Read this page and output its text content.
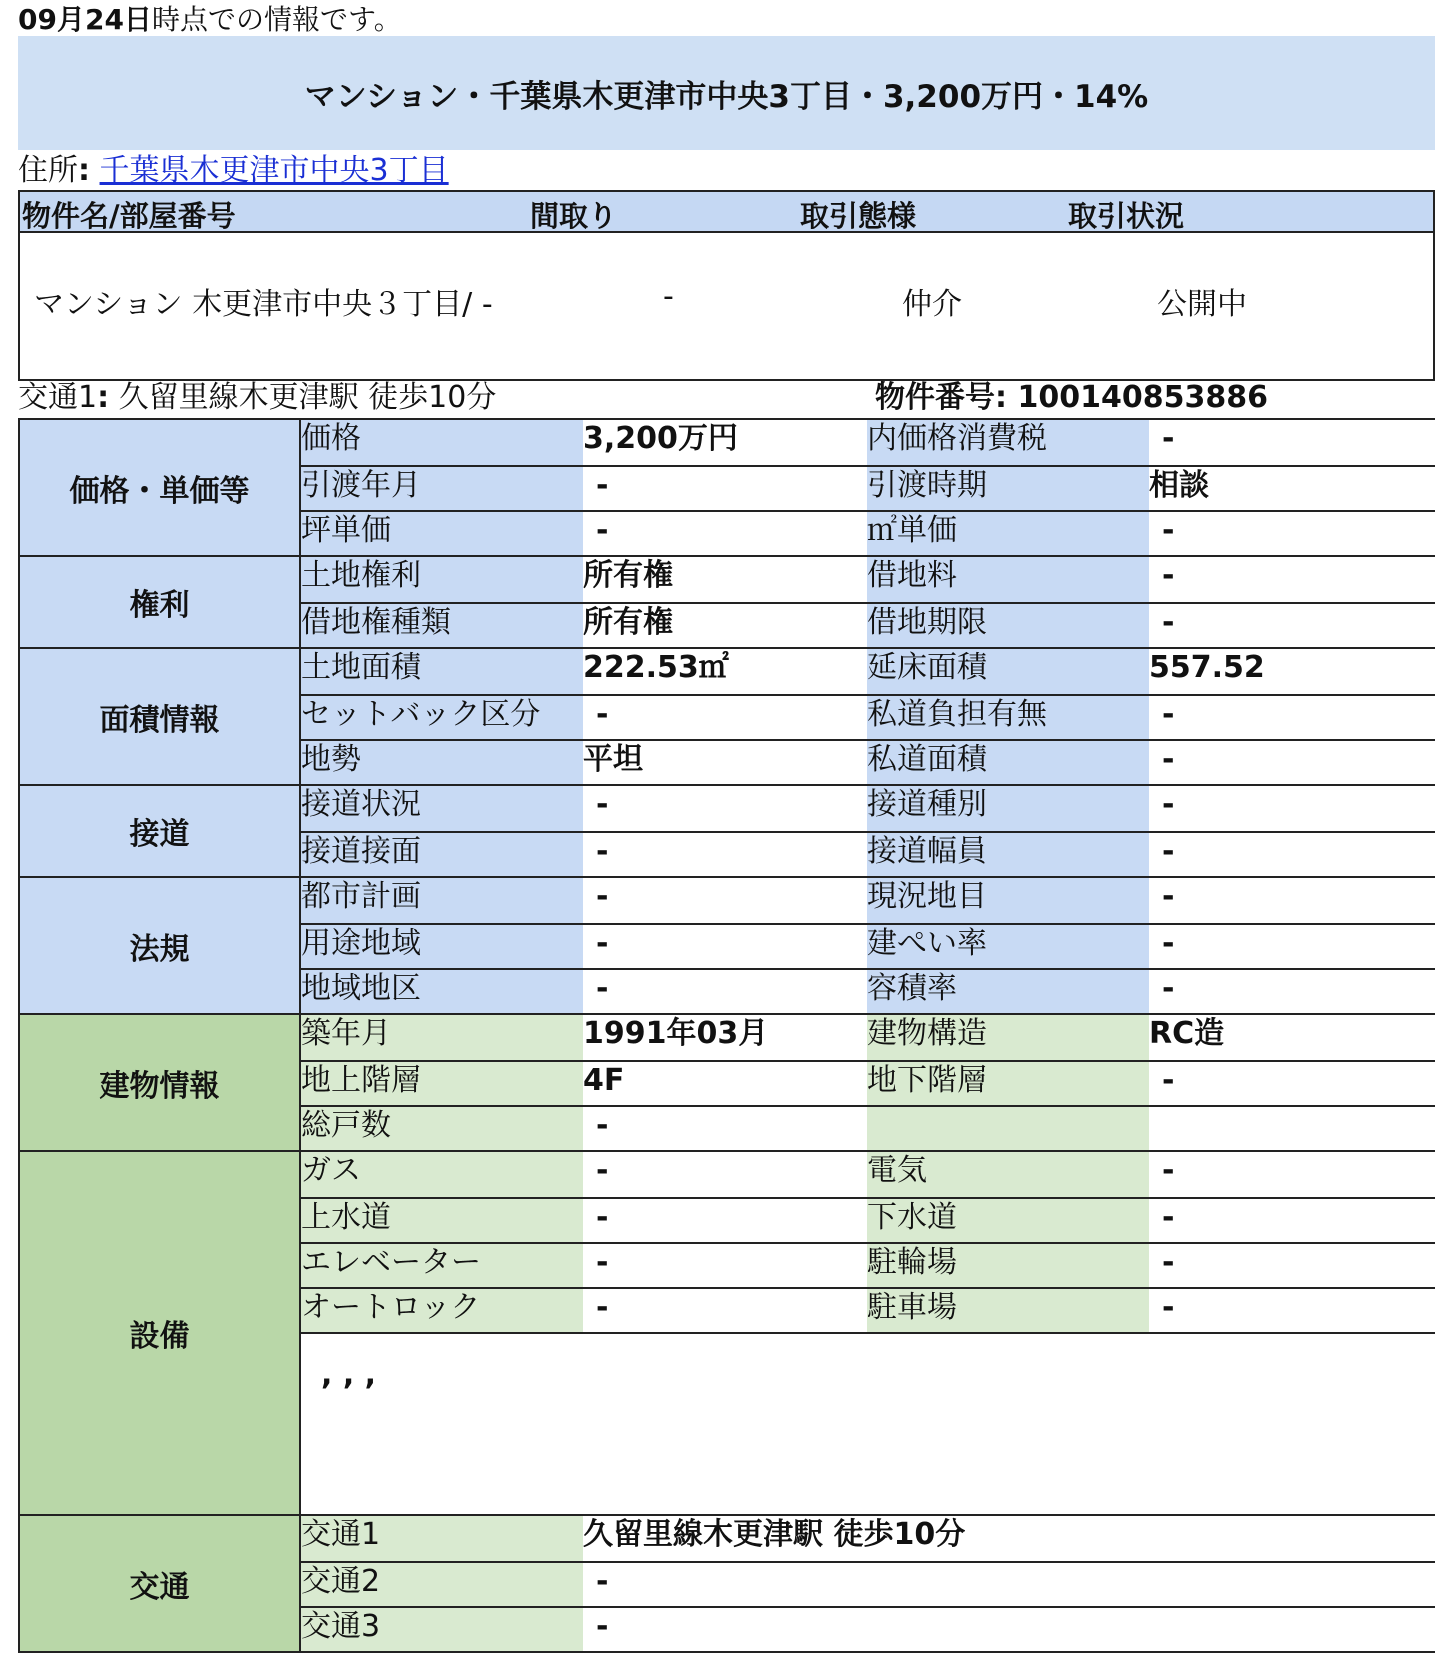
09月24日時点での情報です。
マンション・千葉県木更津市中央3丁目・3,200万円・14%
住所: 千葉県木更津市中央3丁目
物件名/部屋番号	間取り	取引態様	取引状況
マンション 木更津市中央３丁目/ -	-	仲介	公開中
交通1: 久留里線木更津駅 徒歩10分	物件番号: 100140853886
価格・単価等
価格	3,200万円	内価格消費税	-
引渡年月	-	引渡時期	相談
坪単価	-	㎡単価	-
権利
土地権利	所有権	借地料	-
借地権種類	所有権	借地期限	-
面積情報
土地面積	222.53㎡	延床面積	557.52
セットバック区分	-	私道負担有無	-
地勢	平坦	私道面積	-
接道
接道状況	-	接道種別	-
接道接面	-	接道幅員	-
法規
都市計画	-	現況地目	-
用途地域	-	建ぺい率	-
地域地区	-	容積率	-
建物情報
築年月	1991年03月	建物構造	RC造
地上階層	4F	地下階層	-
総戸数	-
設備
ガス	-	電気	-
上水道	-	下水道	-
エレベーター	-	駐輪場	-
オートロック	-	駐車場	-
, , ,
交通
交通1	久留里線木更津駅 徒歩10分
交通2	-
交通3	-
